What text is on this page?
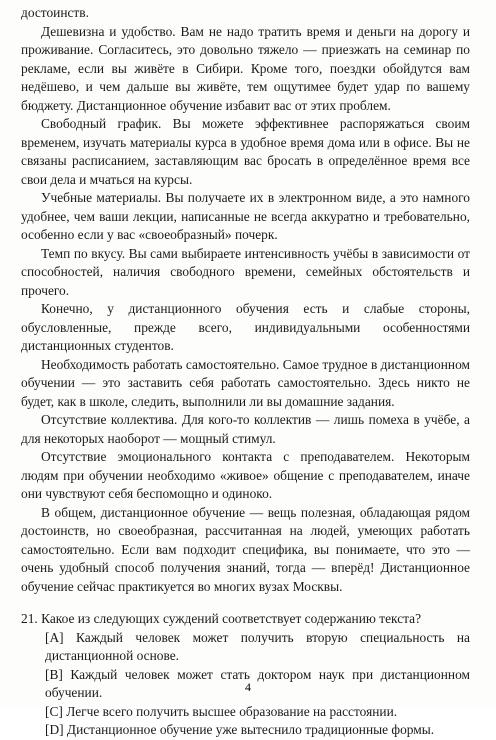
достоинств.

Дешевизна и удобство. Вам не надо тратить время и деньги на дорогу и проживание. Согласитесь, это довольно тяжело — приезжать на семинар по рекламе, если вы живёте в Сибири. Кроме того, поездки обойдутся вам недёшево, и чем дальше вы живёте, тем ощутимее будет удар по вашему бюджету. Дистанционное обучение избавит вас от этих проблем.

Свободный график. Вы можете эффективнее распоряжаться своим временем, изучать материалы курса в удобное время дома или в офисе. Вы не связаны расписанием, заставляющим вас бросать в определённое время все свои дела и мчаться на курсы.

Учебные материалы. Вы получаете их в электронном виде, а это намного удобнее, чем ваши лекции, написанные не всегда аккуратно и требовательно, особенно если у вас «своеобразный» почерк.

Темп по вкусу. Вы сами выбираете интенсивность учёбы в зависимости от способностей, наличия свободного времени, семейных обстоятельств и прочего.

Конечно, у дистанционного обучения есть и слабые стороны, обусловленные, прежде всего, индивидуальными особенностями дистанционных студентов.

Необходимость работать самостоятельно. Самое трудное в дистанционном обучении — это заставить себя работать самостоятельно. Здесь никто не будет, как в школе, следить, выполнили ли вы домашние задания.

Отсутствие коллектива. Для кого-то коллектив — лишь помеха в учёбе, а для некоторых наоборот — мощный стимул.

Отсутствие эмоционального контакта с преподавателем. Некоторым людям при обучении необходимо «живое» общение с преподавателем, иначе они чувствуют себя беспомощно и одиноко.

В общем, дистанционное обучение — вещь полезная, обладающая рядом достоинств, но своеобразная, рассчитанная на людей, умеющих работать самостоятельно. Если вам подходит специфика, вы понимаете, что это — очень удобный способ получения знаний, тогда — вперёд! Дистанционное обучение сейчас практикуется во многих вузах Москвы.

21. Какое из следующих суждений соответствует содержанию текста?

[A] Каждый человек может получить вторую специальность на дистанционной основе.

[B] Каждый человек может стать доктором наук при дистанционном обучении.

[C] Легче всего получить высшее образование на расстоянии.

[D] Дистанционное обучение уже вытеснило традиционные формы.

4
